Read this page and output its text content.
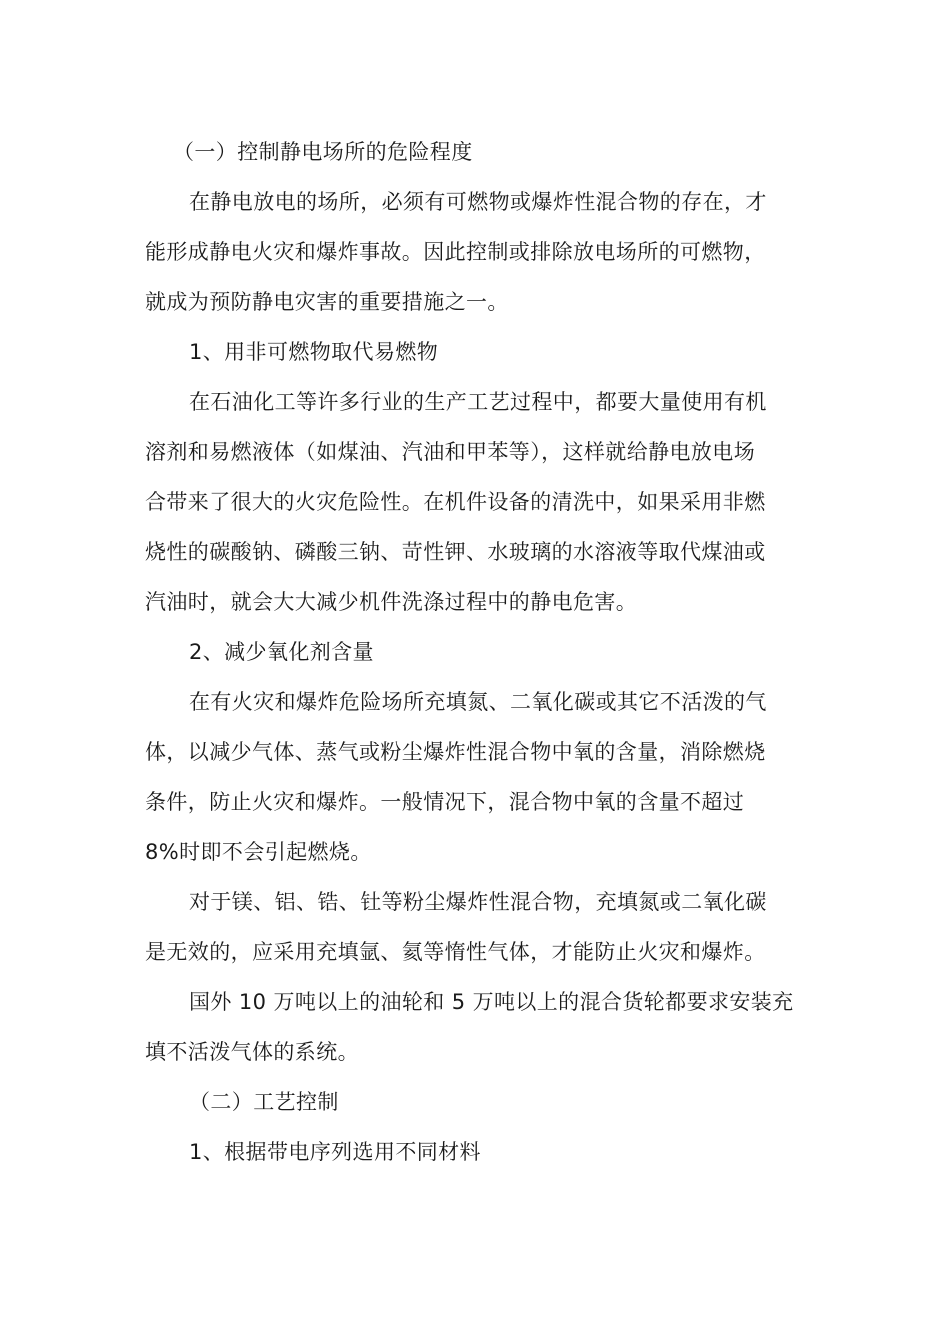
（一）控制静电场所的危险程度
在静电放电的场所，必须有可燃物或爆炸性混合物的存在，才
能形成静电火灾和爆炸事故。因此控制或排除放电场所的可燃物，
就成为预防静电灾害的重要措施之一。
1、用非可燃物取代易燃物
在石油化工等许多行业的生产工艺过程中，都要大量使用有机
溶剂和易燃液体（如煤油、汽油和甲苯等），这样就给静电放电场
合带来了很大的火灾危险性。在机件设备的清洗中，如果采用非燃
烧性的碳酸钠、磷酸三钠、苛性钾、水玻璃的水溶液等取代煤油或
汽油时，就会大大减少机件洗涤过程中的静电危害。
2、减少氧化剂含量
在有火灾和爆炸危险场所充填氮、二氧化碳或其它不活泼的气
体，以减少气体、蒸气或粉尘爆炸性混合物中氧的含量，消除燃烧
条件，防止火灾和爆炸。一般情况下，混合物中氧的含量不超过
8%时即不会引起燃烧。
对于镁、铝、锆、钍等粉尘爆炸性混合物，充填氮或二氧化碳
是无效的，应采用充填氩、氦等惰性气体，才能防止火灾和爆炸。
国外 10 万吨以上的油轮和 5 万吨以上的混合货轮都要求安装充
填不活泼气体的系统。
（二）工艺控制
1、根据带电序列选用不同材料
